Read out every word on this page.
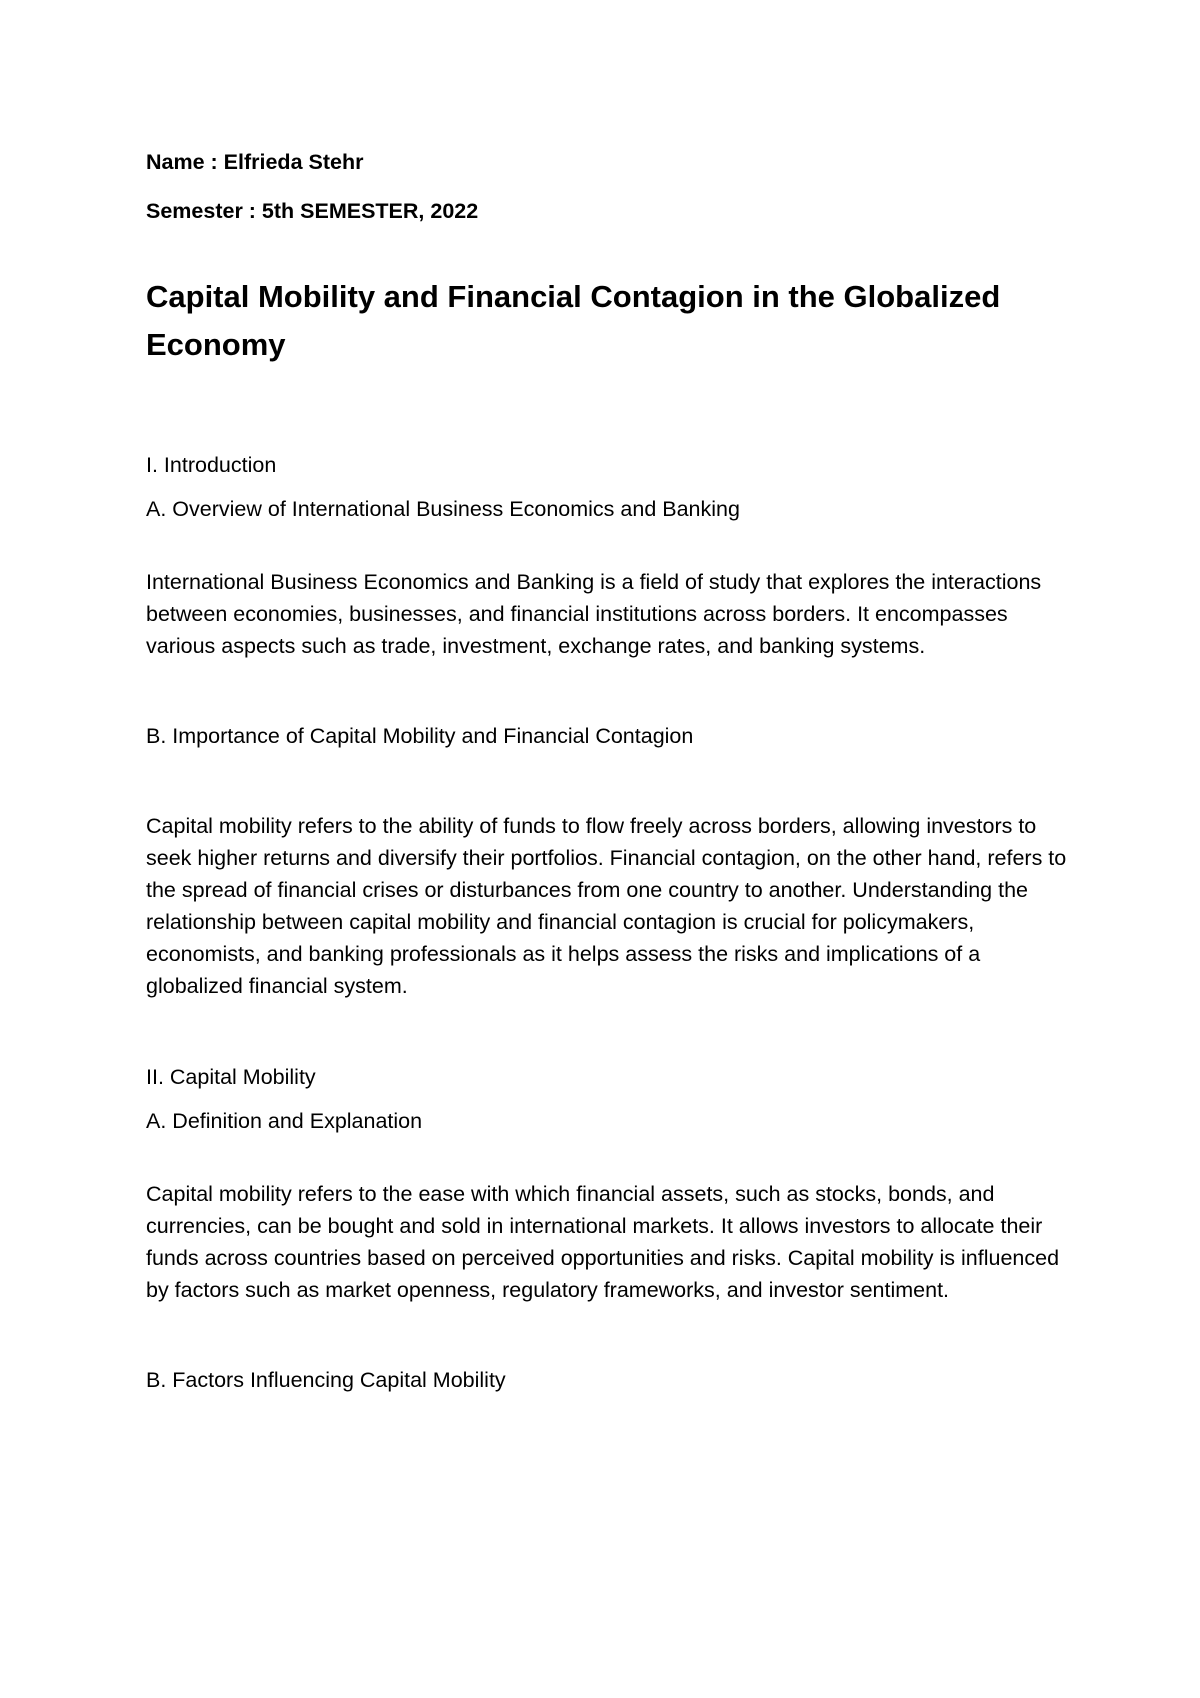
Name : Elfrieda Stehr

Semester : 5th SEMESTER, 2022

Capital Mobility and Financial Contagion in the Globalized Economy

I. Introduction

A. Overview of International Business Economics and Banking

International Business Economics and Banking is a field of study that explores the interactions between economies, businesses, and financial institutions across borders. It encompasses various aspects such as trade, investment, exchange rates, and banking systems.

B. Importance of Capital Mobility and Financial Contagion

Capital mobility refers to the ability of funds to flow freely across borders, allowing investors to seek higher returns and diversify their portfolios. Financial contagion, on the other hand, refers to the spread of financial crises or disturbances from one country to another. Understanding the relationship between capital mobility and financial contagion is crucial for policymakers, economists, and banking professionals as it helps assess the risks and implications of a globalized financial system.

II. Capital Mobility

A. Definition and Explanation

Capital mobility refers to the ease with which financial assets, such as stocks, bonds, and currencies, can be bought and sold in international markets. It allows investors to allocate their funds across countries based on perceived opportunities and risks. Capital mobility is influenced by factors such as market openness, regulatory frameworks, and investor sentiment.

B. Factors Influencing Capital Mobility
